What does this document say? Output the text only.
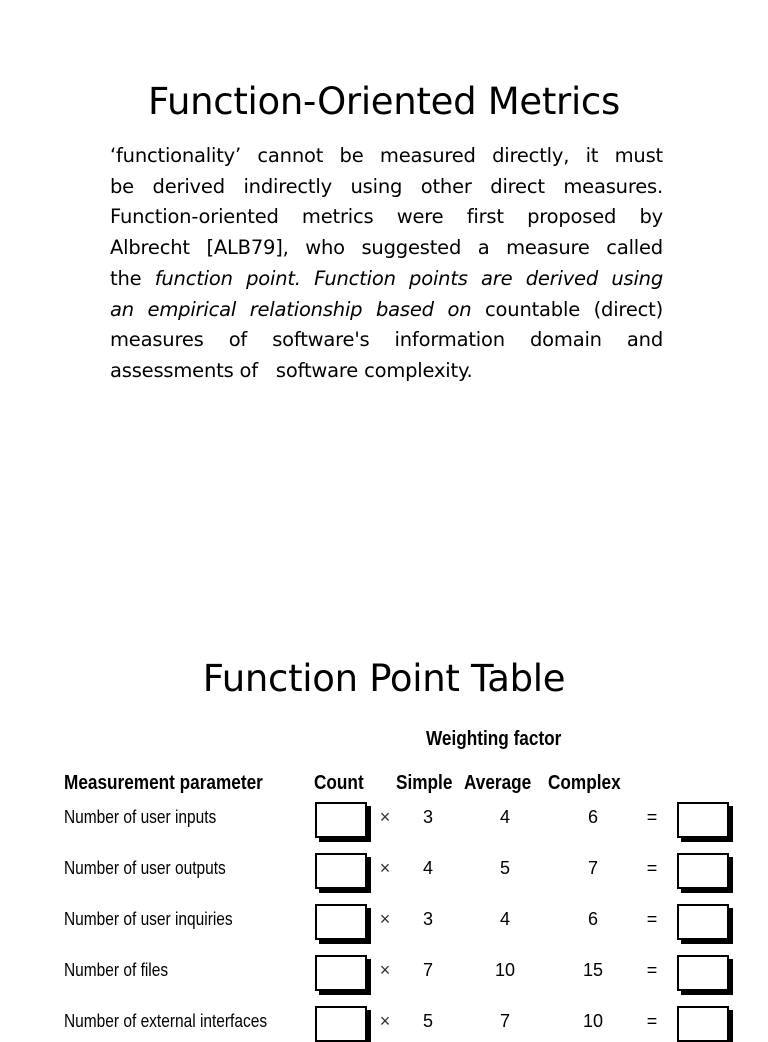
Function-Oriented Metrics
‘functionality’ cannot be measured directly, it must
be derived indirectly using other direct measures.
Function-oriented metrics were first proposed by
Albrecht [ALB79], who suggested a measure called
the function point. Function points are derived using
an empirical relationship based on countable (direct)
measures of software's information domain and
assessments of   software complexity.
Function Point Table
Weighting factor
Measurement parameter	Count Simple Average Complex
Number of user inputs	×	3	4	6	=
Number of user outputs	×	4	5	7	=
Number of user inquiries	×	3	4	6	=
Number of files	×	7	10	15	=
Number of external interfaces	×	5	7	10	=
